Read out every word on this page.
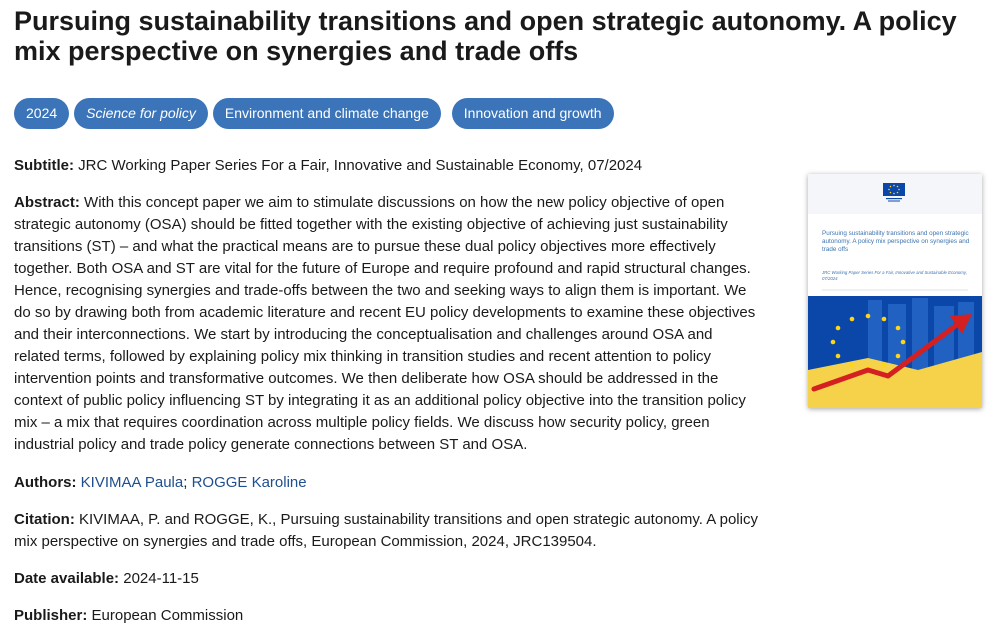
Pursuing sustainability transitions and open strategic autonomy. A policy mix perspective on synergies and trade offs
2024	Science for policy	Environment and climate change	Innovation and growth

Subtitle: JRC Working Paper Series For a Fair, Innovative and Sustainable Economy, 07/2024

Abstract: With this concept paper we aim to stimulate discussions on how the new policy objective of open strategic autonomy (OSA) should be fitted together with the existing objective of achieving just sustainability transitions (ST) – and what the practical means are to pursue these dual policy objectives more effectively together. Both OSA and ST are vital for the future of Europe and require profound and rapid structural changes. Hence, recognising synergies and trade-offs between the two and seeking ways to align them is important. We do so by drawing both from academic literature and recent EU policy developments to examine these objectives and their interconnections. We start by introducing the conceptualisation and challenges around OSA and related terms, followed by explaining policy mix thinking in transition studies and recent attention to policy intervention points and transformative outcomes. We then deliberate how OSA should be addressed in the context of public policy influencing ST by integrating it as an additional policy objective into the transition policy mix – a mix that requires coordination across multiple policy fields. We discuss how security policy, green industrial policy and trade policy generate connections between ST and OSA.

Authors: KIVIMAA Paula; ROGGE Karoline

Citation: KIVIMAA, P. and ROGGE, K., Pursuing sustainability transitions and open strategic autonomy. A policy mix perspective on synergies and trade offs, European Commission, 2024, JRC139504.

Date available: 2024-11-15

Publisher: European Commission

Pursuing sustainability transitions and open strategic autonomy. A policy mix perspective on synergies and trade offs
JRC Working Paper Series For a Fair, Innovative and Sustainable Economy, 07/2024
